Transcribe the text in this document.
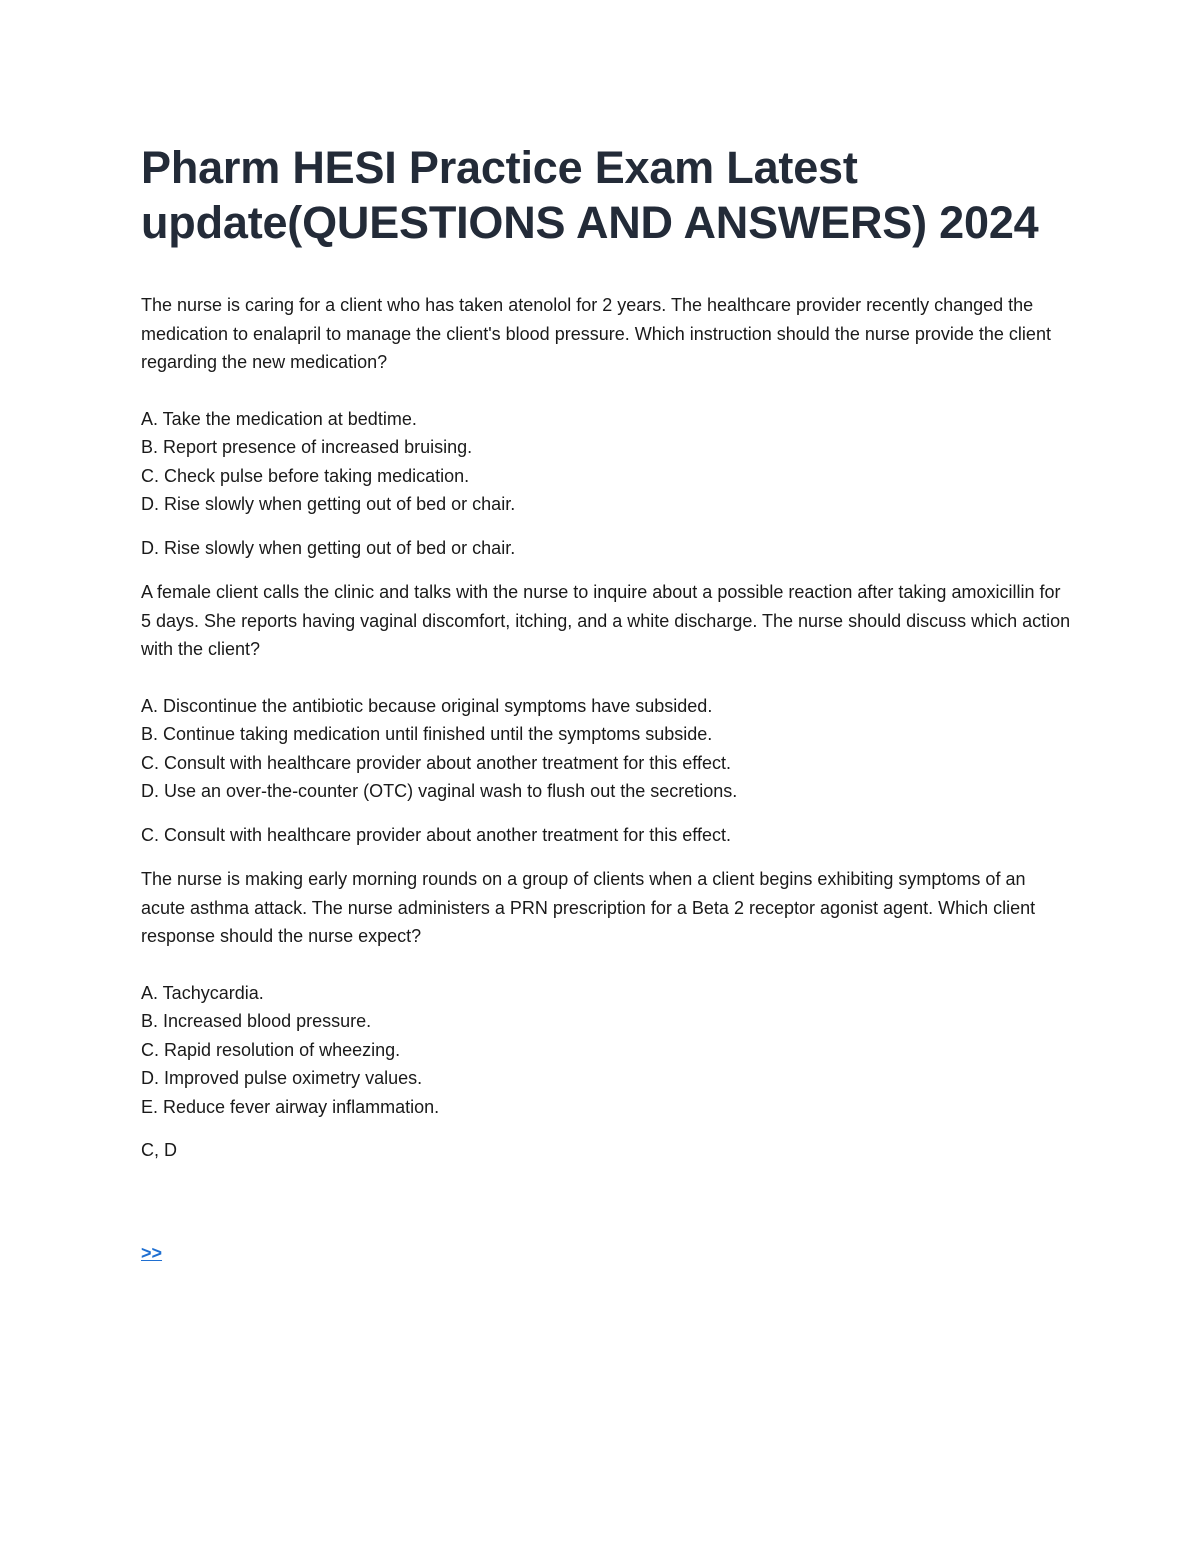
Pharm HESI Practice Exam Latest update(QUESTIONS AND ANSWERS) 2024

The nurse is caring for a client who has taken atenolol for 2 years. The healthcare provider recently changed the medication to enalapril to manage the client's blood pressure. Which instruction should the nurse provide the client regarding the new medication?

A. Take the medication at bedtime.
B. Report presence of increased bruising.
C. Check pulse before taking medication.
D. Rise slowly when getting out of bed or chair.

D. Rise slowly when getting out of bed or chair.

A female client calls the clinic and talks with the nurse to inquire about a possible reaction after taking amoxicillin for 5 days. She reports having vaginal discomfort, itching, and a white discharge. The nurse should discuss which action with the client?

A. Discontinue the antibiotic because original symptoms have subsided.
B. Continue taking medication until finished until the symptoms subside.
C. Consult with healthcare provider about another treatment for this effect.
D. Use an over-the-counter (OTC) vaginal wash to flush out the secretions.

C. Consult with healthcare provider about another treatment for this effect.

The nurse is making early morning rounds on a group of clients when a client begins exhibiting symptoms of an acute asthma attack. The nurse administers a PRN prescription for a Beta 2 receptor agonist agent. Which client response should the nurse expect?

A. Tachycardia.
B. Increased blood pressure.
C. Rapid resolution of wheezing.
D. Improved pulse oximetry values.
E. Reduce fever airway inflammation.

C, D

>>
